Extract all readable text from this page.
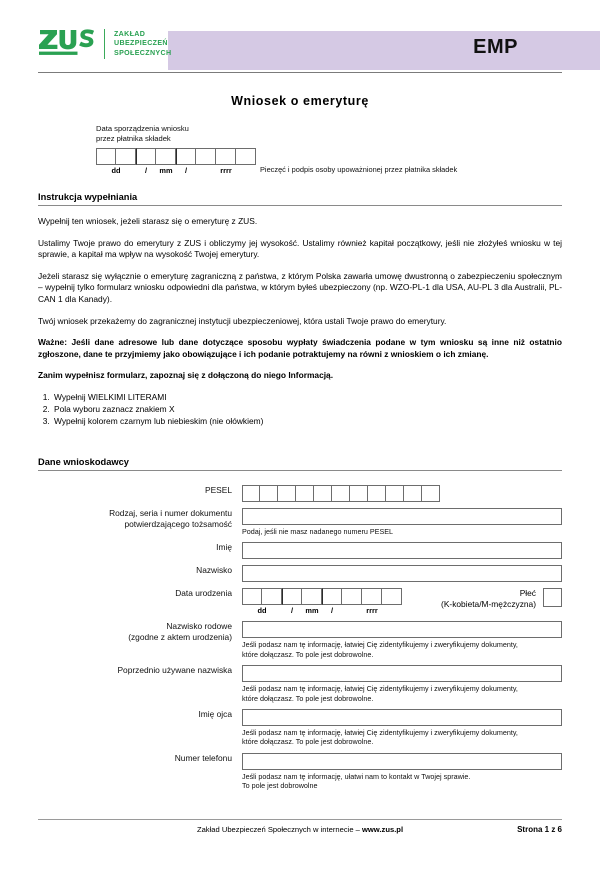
EMP
ZAKŁAD
UBEZPIECZEŃ
SPOŁECZNYCH
Wniosek o emeryturę
Data sporządzenia wniosku
przez płatnika składek
dd	/	mm	/	rrrr	Pieczęć i podpis osoby upoważnionej przez płatnika składek
Instrukcja wypełniania

Wypełnij ten wniosek, jeżeli starasz się o emeryturę z ZUS.

Ustalimy Twoje prawo do emerytury z ZUS i obliczymy jej wysokość. Ustalimy również kapitał początkowy, jeśli nie złożyłeś wniosku w tej sprawie, a kapitał ma wpływ na wysokość Twojej emerytury.

Jeżeli starasz się wyłącznie o emeryturę zagraniczną z państwa, z którym Polska zawarła umowę dwustronną o zabezpieczeniu społecznym – wypełnij tylko formularz wniosku odpowiedni dla państwa, w którym byłeś ubezpieczony (np. WZO-PL-1 dla USA, AU-PL 3 dla Australii, PL-CAN 1 dla Kanady).

Twój wniosek przekażemy do zagranicznej instytucji ubezpieczeniowej, która ustali Twoje prawo do emerytury.

Ważne: Jeśli dane adresowe lub dane dotyczące sposobu wypłaty świadczenia podane w tym wniosku są inne niż ostatnio zgłoszone, dane te przyjmiemy jako obowiązujące i ich podanie potraktujemy na równi z wnioskiem o ich zmianę.

Zanim wypełnisz formularz, zapoznaj się z dołączoną do niego Informacją.

1. Wypełnij WIELKIMI LITERAMI
2. Pola wyboru zaznacz znakiem X
3. Wypełnij kolorem czarnym lub niebieskim (nie ołówkiem)
Dane wnioskodawcy
PESEL
Rodzaj, seria i numer dokumentu
potwierdzającego tożsamość
Podaj, jeśli nie masz nadanego numeru PESEL
Imię
Nazwisko
Data urodzenia
dd	/	mm	/	rrrr
Płeć
(K-kobieta/M-mężczyzna)
Nazwisko rodowe
(zgodne z aktem urodzenia)
Jeśli podasz nam tę informację, łatwiej Cię zidentyfikujemy i zweryfikujemy dokumenty,
które dołączasz. To pole jest dobrowolne.
Poprzednio używane nazwiska
Jeśli podasz nam tę informację, łatwiej Cię zidentyfikujemy i zweryfikujemy dokumenty,
które dołączasz. To pole jest dobrowolne.
Imię ojca
Jeśli podasz nam tę informację, łatwiej Cię zidentyfikujemy i zweryfikujemy dokumenty,
które dołączasz. To pole jest dobrowolne.
Numer telefonu
Jeśli podasz nam tę informację, ułatwi nam to kontakt w Twojej sprawie.
To pole jest dobrowolne
Zakład Ubezpieczeń Społecznych w internecie – www.zus.pl	Strona 1 z 6
